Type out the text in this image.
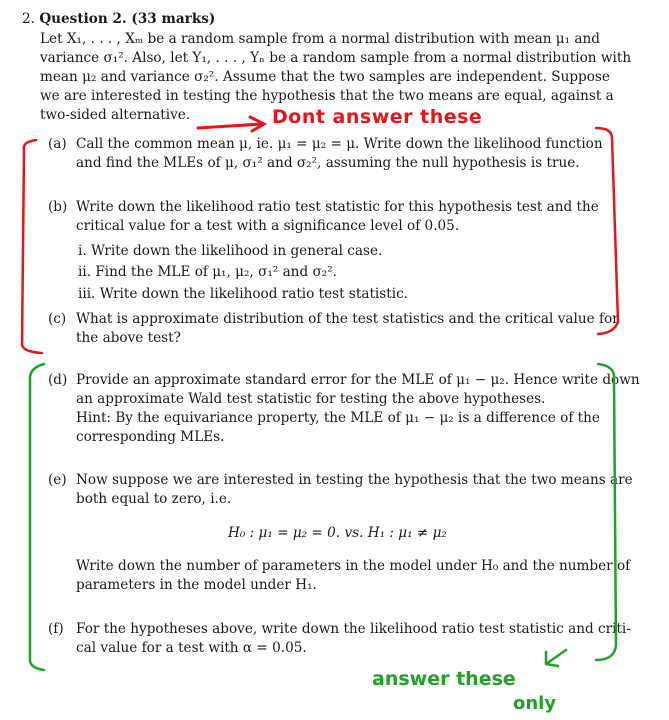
2. Question 2. (33 marks)
Let X₁, . . . , Xₘ be a random sample from a normal distribution with mean μ₁ and
variance σ₁². Also, let Y₁, . . . , Yₙ be a random sample from a normal distribution with
mean μ₂ and variance σ₂². Assume that the two samples are independent. Suppose
we are interested in testing the hypothesis that the two means are equal, against a
two-sided alternative.
(a) Call the common mean μ, ie. μ₁ = μ₂ = μ. Write down the likelihood function
and find the MLEs of μ, σ₁² and σ₂², assuming the null hypothesis is true.
(b) Write down the likelihood ratio test statistic for this hypothesis test and the
critical value for a test with a significance level of 0.05.
i. Write down the likelihood in general case.
ii. Find the MLE of μ₁, μ₂, σ₁² and σ₂².
iii. Write down the likelihood ratio test statistic.
(c) What is approximate distribution of the test statistics and the critical value for
the above test?
(d) Provide an approximate standard error for the MLE of μ₁ − μ₂. Hence write down
an approximate Wald test statistic for testing the above hypotheses.
Hint: By the equivariance property, the MLE of μ₁ − μ₂ is a difference of the
corresponding MLEs.
(e) Now suppose we are interested in testing the hypothesis that the two means are
both equal to zero, i.e.
H₀ : μ₁ = μ₂ = 0. vs. H₁ : μ₁ ≠ μ₂
Write down the number of parameters in the model under H₀ and the number of
parameters in the model under H₁.
(f) For the hypotheses above, write down the likelihood ratio test statistic and criti-
cal value for a test with α = 0.05.
Dont answer these
answer these
only
